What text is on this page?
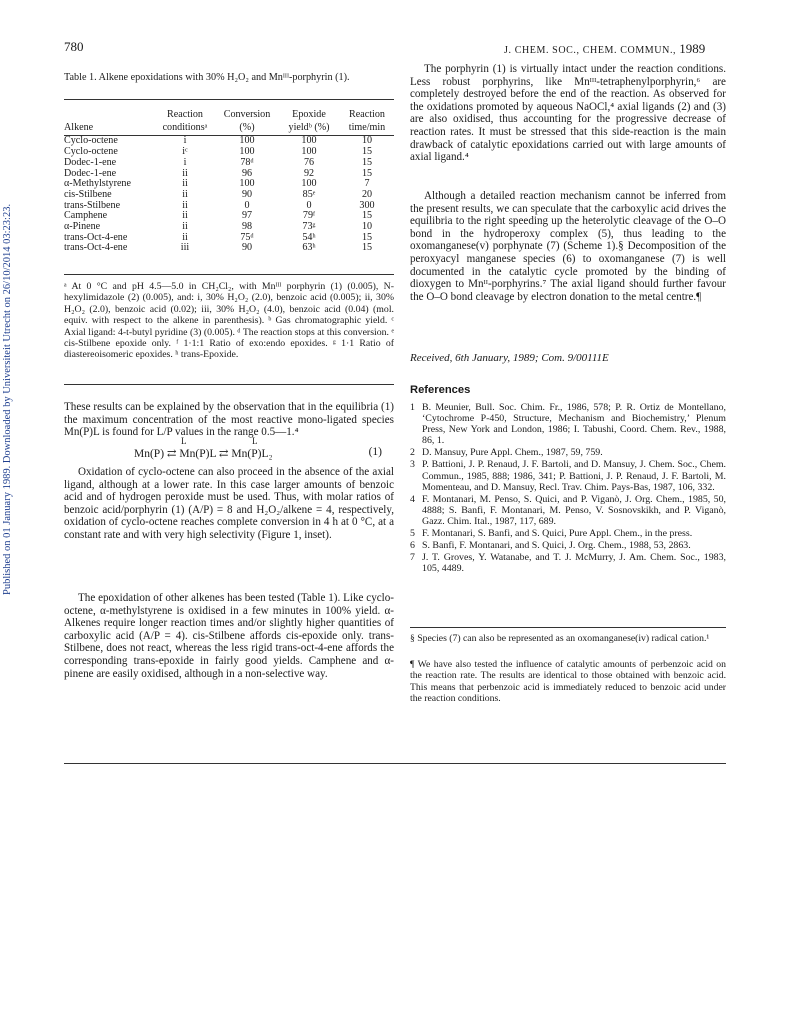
780	J. CHEM. SOC., CHEM. COMMUN., 1989
Published on 01 January 1989. Downloaded by Universiteit Utrecht on 26/10/2014 03:23:23.
Table 1. Alkene epoxidations with 30% H₂O₂ and Mnᴵᴵᴵ-porphyrin (1).
	Reaction	Conversion	Epoxide	Reaction
Alkene	conditionsᵃ	(%)	yieldᵇ (%)	time/min
Cyclo-octene	i	100	100	10
Cyclo-octene	iᶜ	100	100	15
Dodec-1-ene	i	78ᵈ	76	15
Dodec-1-ene	ii	96	92	15
α-Methylstyrene	ii	100	100	7
cis-Stilbene	ii	90	85ᵉ	20
trans-Stilbene	ii	0	0	300
Camphene	ii	97	79ᶠ	15
α-Pinene	ii	98	73ᵍ	10
trans-Oct-4-ene	ii	75ᵈ	54ʰ	15
trans-Oct-4-ene	iii	90	63ʰ	15
ᵃ At 0 °C and pH 4.5—5.0 in CH₂Cl₂, with Mnᴵᴵᴵ porphyrin (1) (0.005), N-hexylimidazole (2) (0.005), and: i, 30% H₂O₂ (2.0), benzoic acid (0.005); ii, 30% H₂O₂ (2.0), benzoic acid (0.02); iii, 30% H₂O₂ (4.0), benzoic acid (0.04) (mol. equiv. with respect to the alkene in parenthesis). ᵇ Gas chromatographic yield. ᶜ Axial ligand: 4-t-butyl pyridine (3) (0.005). ᵈ The reaction stops at this conversion. ᵉ cis-Stilbene epoxide only. ᶠ 1·1:1 Ratio of exo:endo epoxides. ᵍ 1·1 Ratio of diastereoisomeric epoxides. ʰ trans-Epoxide.
These results can be explained by the observation that in the equilibria (1) the maximum concentration of the most reactive mono-ligated species Mn(P)L is found for L/P values in the range 0.5—1.⁴
L	L
Mn(P) ⇄ Mn(P)L ⇄ Mn(P)L₂	(1)
Oxidation of cyclo-octene can also proceed in the absence of the axial ligand, although at a lower rate. In this case larger amounts of benzoic acid and of hydrogen peroxide must be used. Thus, with molar ratios of benzoic acid/porphyrin (1) (A/P) = 8 and H₂O₂/alkene = 4, respectively, oxidation of cyclo-octene reaches complete conversion in 4 h at 0 °C, at a constant rate and with very high selectivity (Figure 1, inset).
The epoxidation of other alkenes has been tested (Table 1). Like cyclo-octene, α-methylstyrene is oxidised in a few minutes in 100% yield. α-Alkenes require longer reaction times and/or slightly higher quantities of carboxylic acid (A/P = 4). cis-Stilbene affords cis-epoxide only. trans-Stilbene, does not react, whereas the less rigid trans-oct-4-ene affords the corresponding trans-epoxide in fairly good yields. Camphene and α-pinene are easily oxidised, although in a non-selective way.
The porphyrin (1) is virtually intact under the reaction conditions. Less robust porphyrins, like Mnᴵᴵᴵ-tetraphenylporphyrin,⁶ are completely destroyed before the end of the reaction. As observed for the oxidations promoted by aqueous NaOCl,⁴ axial ligands (2) and (3) are also oxidised, thus accounting for the progressive decrease of reaction rates. It must be stressed that this side-reaction is the main drawback of catalytic epoxidations carried out with large amounts of axial ligand.⁴
Although a detailed reaction mechanism cannot be inferred from the present results, we can speculate that the carboxylic acid drives the equilibria to the right speeding up the heterolytic cleavage of the O–O bond in the hydroperoxy complex (5), thus leading to the oxomanganese(v) porphynate (7) (Scheme 1).§ Decomposition of the peroxyacyl manganese species (6) to oxomanganese (7) is well documented in the catalytic cycle promoted by the binding of dioxygen to Mnᴵᴵ-porphyrins.⁷ The axial ligand should further favour the O–O bond cleavage by electron donation to the metal centre.¶
Received, 6th January, 1989; Com. 9/00111E
References
1 B. Meunier, Bull. Soc. Chim. Fr., 1986, 578; P. R. Ortiz de Montellano, ‘Cytochrome P-450, Structure, Mechanism and Biochemistry,’ Plenum Press, New York and London, 1986; I. Tabushi, Coord. Chem. Rev., 1988, 86, 1.
2 D. Mansuy, Pure Appl. Chem., 1987, 59, 759.
3 P. Battioni, J. P. Renaud, J. F. Bartoli, and D. Mansuy, J. Chem. Soc., Chem. Commun., 1985, 888; 1986, 341; P. Battioni, J. P. Renaud, J. F. Bartoli, M. Momenteau, and D. Mansuy, Recl. Trav. Chim. Pays-Bas, 1987, 106, 332.
4 F. Montanari, M. Penso, S. Quici, and P. Viganò, J. Org. Chem., 1985, 50, 4888; S. Banfi, F. Montanari, M. Penso, V. Sosnovskikh, and P. Viganò, Gazz. Chim. Ital., 1987, 117, 689.
5 F. Montanari, S. Banfi, and S. Quici, Pure Appl. Chem., in the press.
6 S. Banfi, F. Montanari, and S. Quici, J. Org. Chem., 1988, 53, 2863.
7 J. T. Groves, Y. Watanabe, and T. J. McMurry, J. Am. Chem. Soc., 1983, 105, 4489.
§ Species (7) can also be represented as an oxomanganese(iv) radical cation.¹
¶ We have also tested the influence of catalytic amounts of perbenzoic acid on the reaction rate. The results are identical to those obtained with benzoic acid. This means that perbenzoic acid is immediately reduced to benzoic acid under the reaction conditions.
